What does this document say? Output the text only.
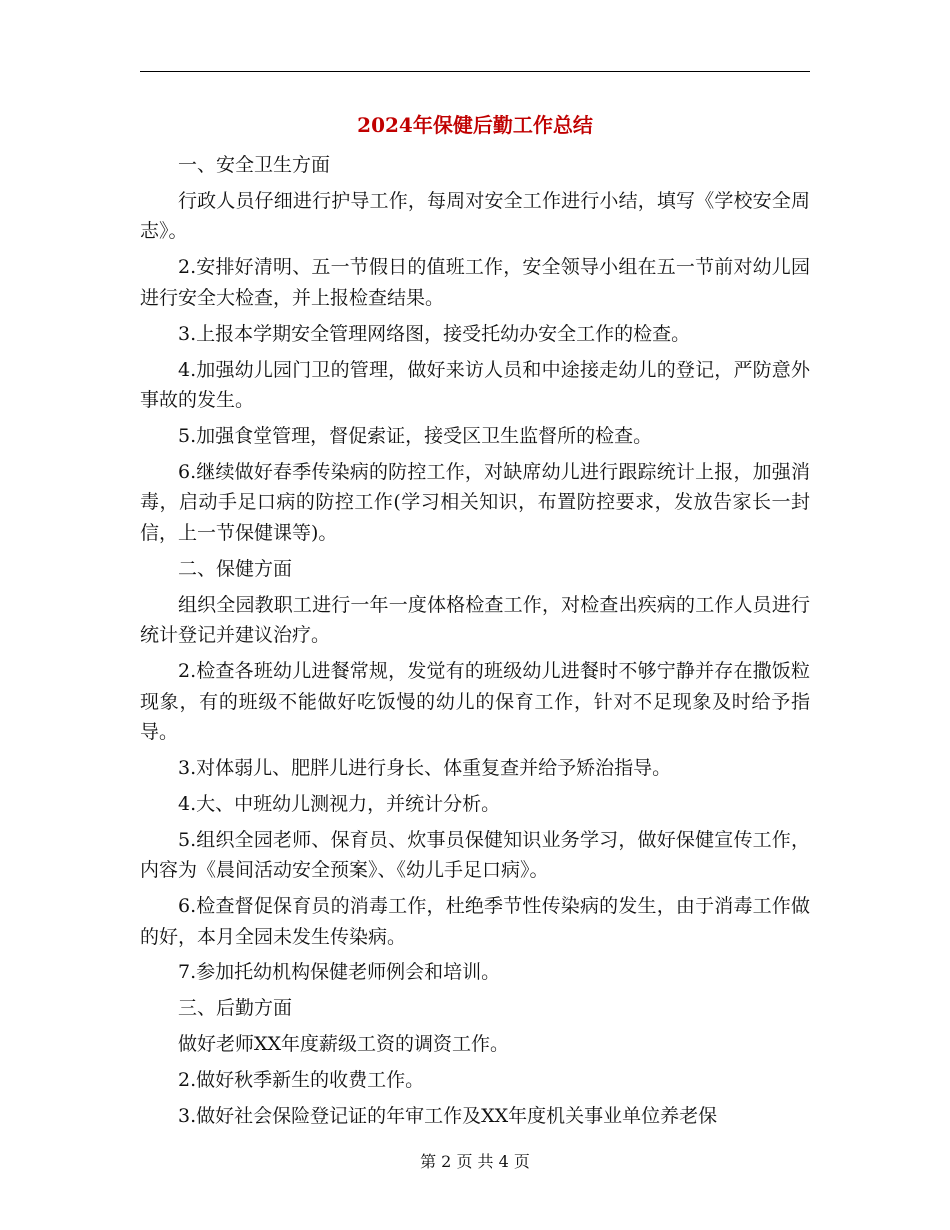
2024年保健后勤工作总结

一、安全卫生方面

行政人员仔细进行护导工作，每周对安全工作进行小结，填写《学校安全周志》。

2.安排好清明、五一节假日的值班工作，安全领导小组在五一节前对幼儿园进行安全大检查，并上报检查结果。

3.上报本学期安全管理网络图，接受托幼办安全工作的检查。

4.加强幼儿园门卫的管理，做好来访人员和中途接走幼儿的登记，严防意外事故的发生。

5.加强食堂管理，督促索证，接受区卫生监督所的检查。

6.继续做好春季传染病的防控工作，对缺席幼儿进行跟踪统计上报，加强消毒，启动手足口病的防控工作(学习相关知识，布置防控要求，发放告家长一封信，上一节保健课等)。

二、保健方面

组织全园教职工进行一年一度体格检查工作，对检查出疾病的工作人员进行统计登记并建议治疗。

2.检查各班幼儿进餐常规，发觉有的班级幼儿进餐时不够宁静并存在撒饭粒现象，有的班级不能做好吃饭慢的幼儿的保育工作，针对不足现象及时给予指导。

3.对体弱儿、肥胖儿进行身长、体重复查并给予矫治指导。

4.大、中班幼儿测视力，并统计分析。

5.组织全园老师、保育员、炊事员保健知识业务学习，做好保健宣传工作，内容为《晨间活动安全预案》、《幼儿手足口病》。

6.检查督促保育员的消毒工作，杜绝季节性传染病的发生，由于消毒工作做的好，本月全园未发生传染病。

7.参加托幼机构保健老师例会和培训。

三、后勤方面

做好老师XX年度薪级工资的调资工作。

2.做好秋季新生的收费工作。

3.做好社会保险登记证的年审工作及XX年度机关事业单位养老保

第 2 页 共 4 页
